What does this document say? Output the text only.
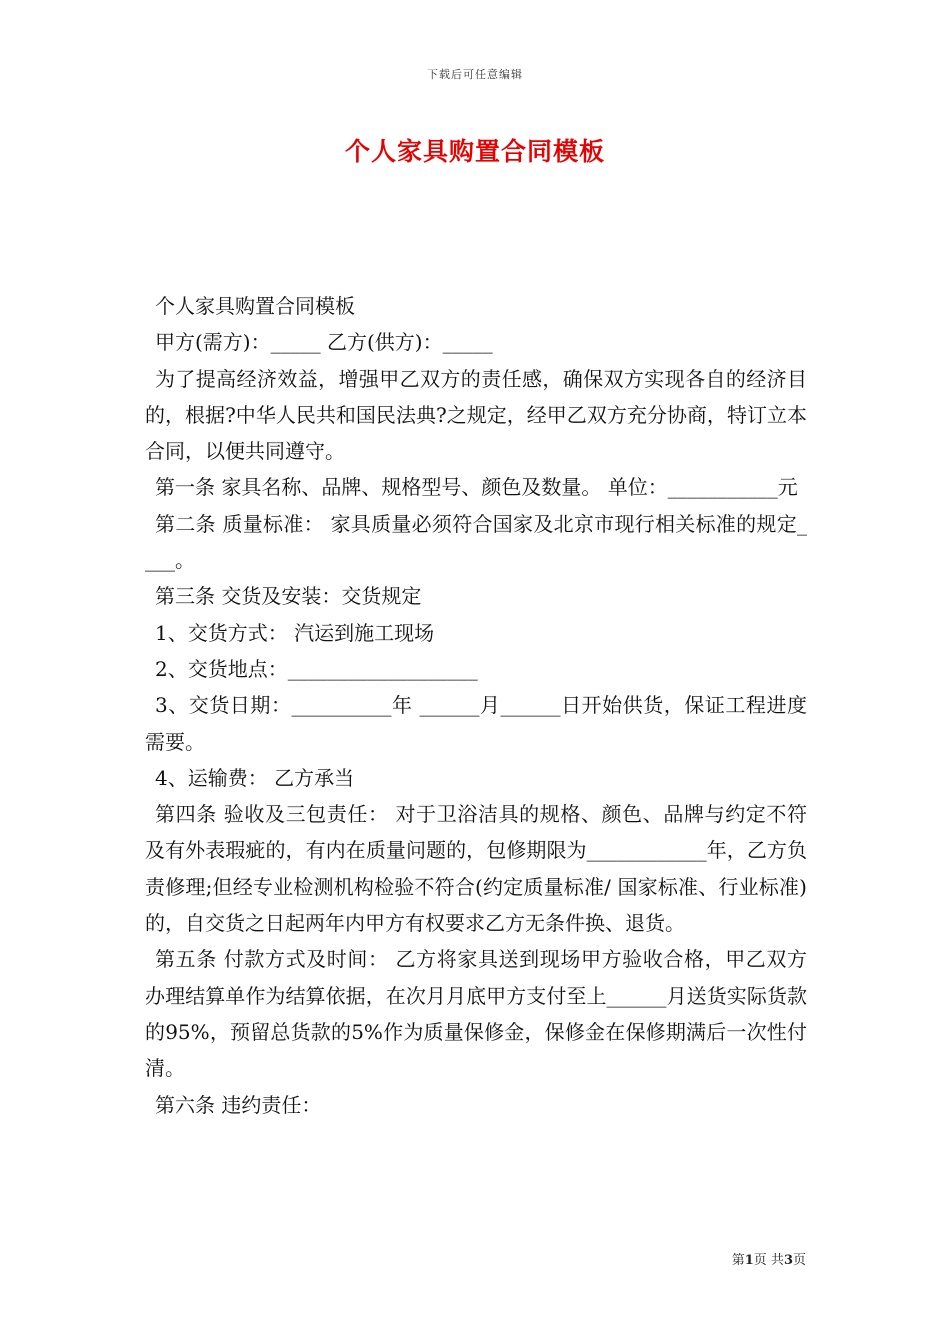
下载后可任意编辑
个人家具购置合同模板

个人家具购置合同模板

甲方(需方)：_____ 乙方(供方)：_____

为了提高经济效益，增强甲乙双方的责任感，确保双方实现各自的经济目的，根据?中华人民共和国民法典?之规定，经甲乙双方充分协商，特订立本合同，以便共同遵守。

第一条 家具名称、品牌、规格型号、颜色及数量。 单位：___________元

第二条 质量标准： 家具质量必须符合国家及北京市现行相关标准的规定____。

第三条 交货及安装：交货规定

1、交货方式： 汽运到施工现场

2、交货地点：___________________

3、交货日期：__________年 ______月______日开始供货，保证工程进度需要。

4、运输费： 乙方承当

第四条 验收及三包责任： 对于卫浴洁具的规格、颜色、品牌与约定不符及有外表瑕疵的，有内在质量问题的，包修期限为____________年，乙方负责修理;但经专业检测机构检验不符合(约定质量标准/ 国家标准、行业标准)的，自交货之日起两年内甲方有权要求乙方无条件换、退货。

第五条 付款方式及时间： 乙方将家具送到现场甲方验收合格，甲乙双方办理结算单作为结算依据，在次月月底甲方支付至上______月送货实际货款的95%，预留总货款的5%作为质量保修金，保修金在保修期满后一次性付清。

第六条 违约责任：

第1页 共3页
